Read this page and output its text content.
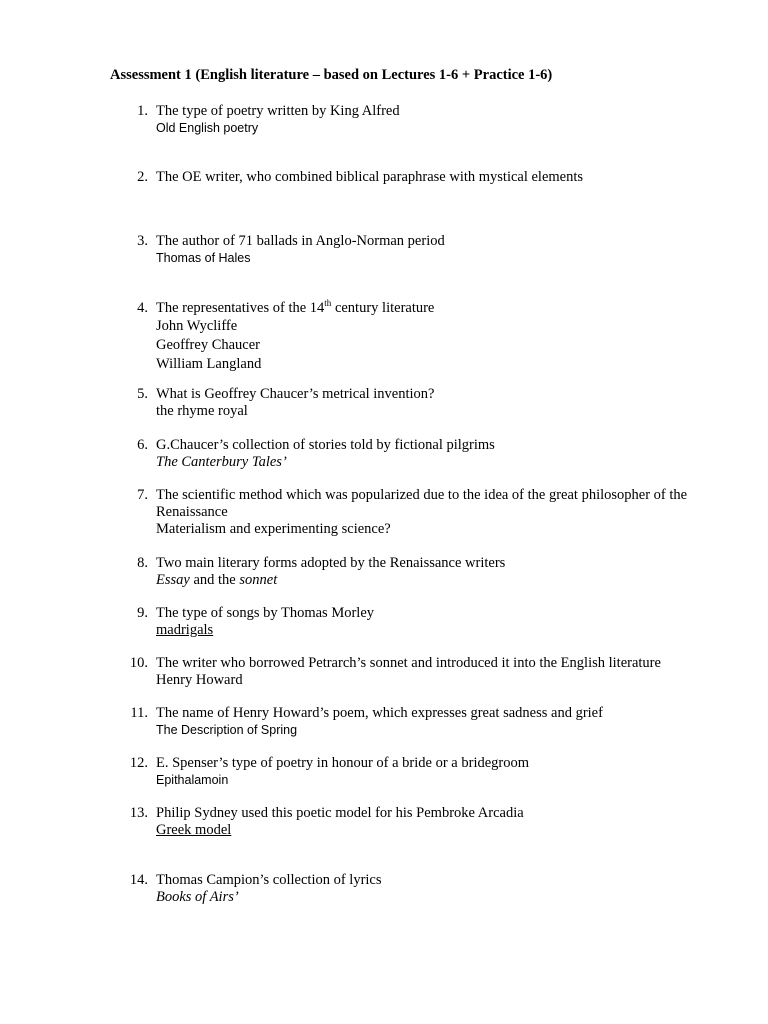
Assessment 1 (English literature – based on Lectures 1-6 + Practice 1-6)
1. The type of poetry written by King Alfred
Old English poetry
2. The OE writer, who combined biblical paraphrase with mystical elements
3. The author of 71 ballads in Anglo-Norman period
Thomas of Hales
4. The representatives of the 14th century literature
John Wycliffe
Geoffrey Chaucer
William Langland
5. What is Geoffrey Chaucer’s metrical invention?
the rhyme royal
6. G.Chaucer’s collection of stories told by fictional pilgrims
The Canterbury Tales’
7. The scientific method which was popularized due to the idea of the great philosopher of the Renaissance
Materialism and experimenting science?
8. Two main literary forms adopted by the Renaissance writers
Essay and the sonnet
9. The type of songs by Thomas Morley
madrigals
10. The writer who borrowed Petrarch’s sonnet and introduced it into the English literature
Henry Howard
11. The name of Henry Howard’s poem, which expresses great sadness and grief
The Description of Spring
12. E. Spenser’s type of poetry in honour of a bride or a bridegroom
Epithalamoin
13. Philip Sydney used this poetic model for his Pembroke Arcadia
Greek model
14. Thomas Campion’s collection of lyrics
Books of Airs’
